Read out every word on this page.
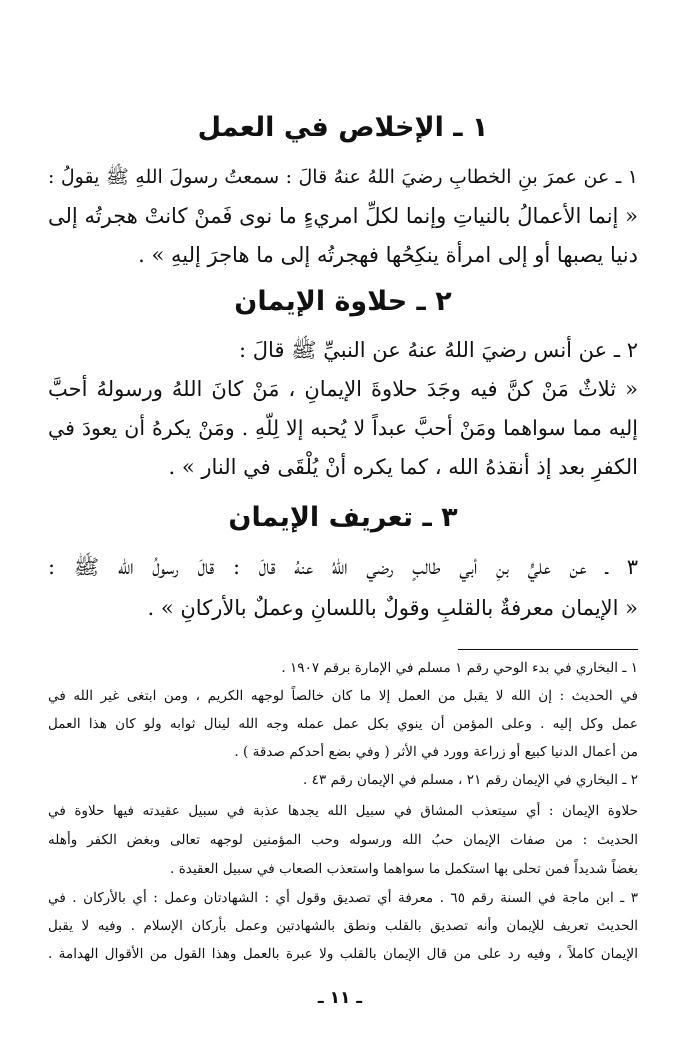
١ ـ الإخلاص في العمل
١ ـ عن عمرَ بنِ الخطابِ رضيَ اللهُ عنهُ قالَ : سمعتُ رسولَ اللهِ ﷺ يقولُ :
« إنما الأعمالُ بالنياتِ وإنما لكلِّ امريءٍ ما نوى فَمنْ كانتْ هجرتُه إلى
دنيا يصبها أو إلى امرأة ينكِحُها فهجرتُه إلى ما هاجرَ إليهِ » .
٢ ـ حلاوة الإيمان
٢ ـ عن أنس رضيَ اللهُ عنهُ عن النبيِّ ﷺ قالَ :
« ثلاثٌ مَنْ كنَّ فيه وجَدَ حلاوةَ الإيمانِ ، مَنْ كانَ اللهُ ورسولهُ أحبَّ
إليه مما سواهما ومَنْ أحبَّ عبداً لا يُحبه إلا لِلّهِ . ومَنْ يكرهُ أن يعودَ في
الكفرِ بعد إذ أنقذهُ الله ، كما يكره أنْ يُلْقَى في النار » .
٣ ـ تعريف الإيمان
٣ ـ عن عليٍّ بنِ أبي طالبٍ رضي اللهُ عنهُ قالَ : قالَ رسولُ الله ﷺ :
« الإيمان معرفةٌ بالقلبِ وقولٌ باللسانِ وعملٌ بالأركانِ » .
١ ـ البخاري في بدء الوحي رقم ١ مسلم في الإمارة برقم ١٩٠٧ .
في الحديث : إن الله لا يقبل من العمل إلا ما كان خالصاً لوجهه الكريم ، ومن ابتغى غير الله في
عمل وكل إليه . وعلى المؤمن أن ينوي بكل عمل عمله وجه الله لينال ثوابه ولو كان هذا العمل
من أعمال الدنيا كبيع أو زراعة وورد في الأثر ( وفي بضع أحدكم صدقة ) .
٢ ـ البخاري في الإيمان رقم ٢١ ، مسلم في الإيمان رقم ٤٣ .
حلاوة الإيمان : أي سيتعذب المشاق في سبيل الله يجدها عذبة في سبيل عقيدته فيها حلاوة في
الحديث : من صفات الإيمان حبُ الله ورسوله وحب المؤمنين لوجهه تعالى وبغض الكفر وأهله
بغضاً شديداً فمن تحلى بها استكمل ما سواهما واستعذب الصعاب في سبيل العقيدة .
٣ ـ ابن ماجة في السنة رقم ٦٥ . معرفة أي تصديق وقول أي : الشهادتان وعمل : أي بالأركان . في
الحديث تعريف للإيمان وأنه تصديق بالقلب ونطق بالشهادتين وعمل بأركان الإسلام . وفيه لا يقبل
الإيمان كاملاً ، وفيه رد على من قال الإيمان بالقلب ولا عبرة بالعمل وهذا القول من الأقوال الهدامة .
ـ ١١ ـ
